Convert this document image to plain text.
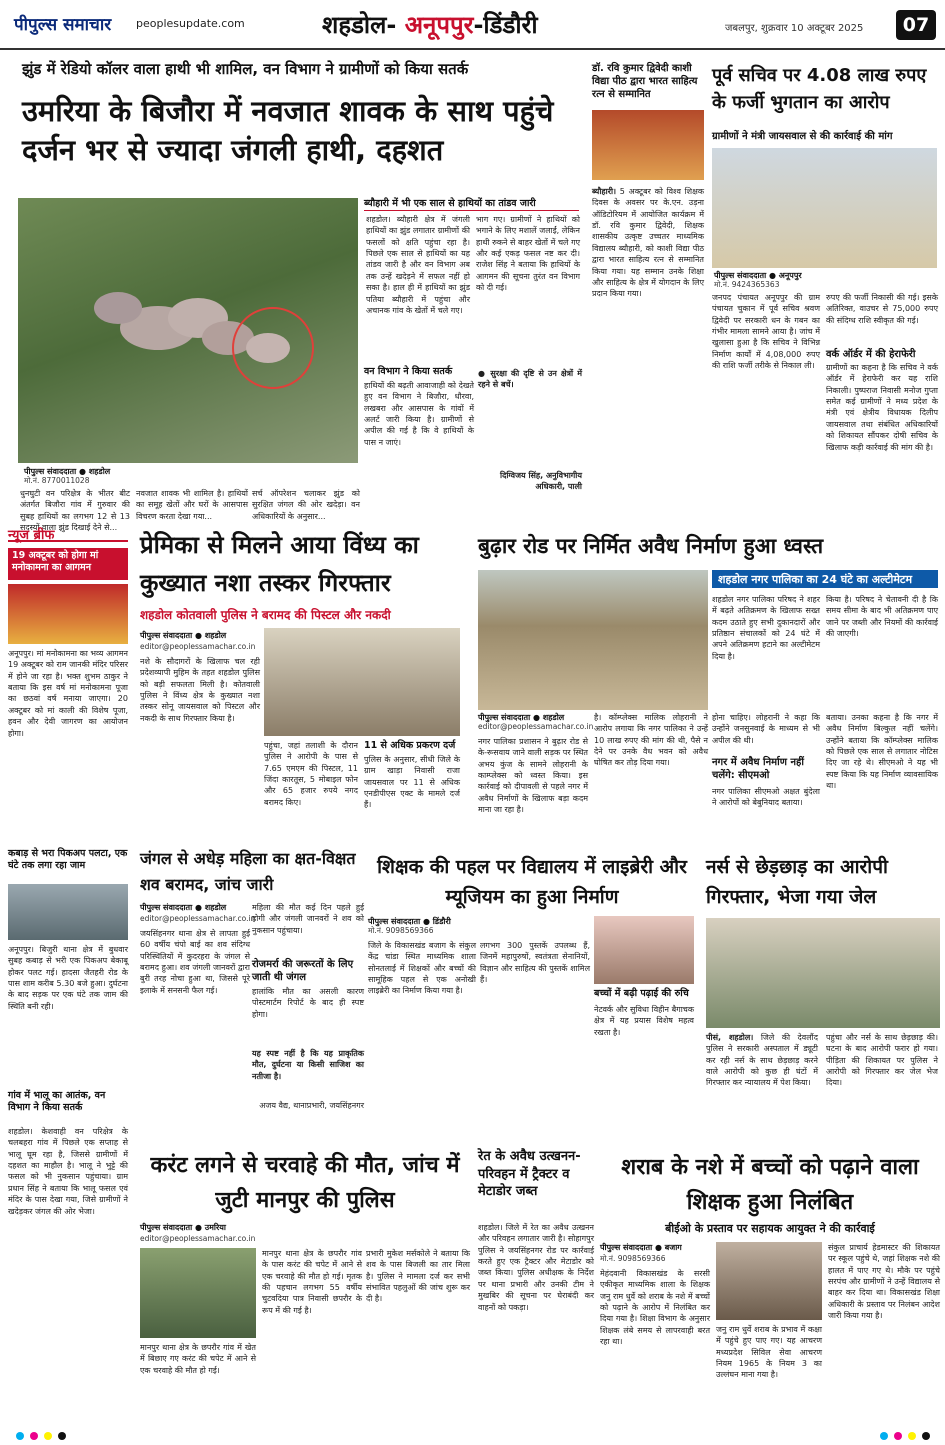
पीपुल्स समाचार peoplesupdate.com	शहडोल- अनूपपुर-डिंडौरी	जबलपुर, शुक्रवार 10 अक्टूबर 2025	07
झुंड में रेडियो कॉलर वाला हाथी भी शामिल, वन विभाग ने ग्रामीणों को किया सतर्क
उमरिया के बिजौरा में नवजात शावक के साथ पहुंचे दर्जन भर से ज्यादा जंगली हाथी, दहशत
पीपुल्स संवाददाता ● शहडोल
मो.नं. 8770011028
धुनघुटी वन परिक्षेत्र के भीतर बीट अंतर्गत बिजौरा गांव में गुरुवार की सुबह हाथियों का लगभग 12 से 13 सदस्यों वाला झुंड दिखाई देने से...
नवजात शावक भी शामिल है। हाथियों का समूह खेतों और घरों के आसपास विचरण करता देखा गया...
सर्च ऑपरेशन चलाकर झुंड को सुरक्षित जंगल की ओर खदेड़ा। वन अधिकारियों के अनुसार...
ब्यौहारी में भी एक साल से हाथियों का तांडव जारी
शहडोल। ब्यौहारी क्षेत्र में जंगली हाथियों का झुंड लगातार ग्रामीणों की फसलों को क्षति पहुंचा रहा है। पिछले एक साल से हाथियों का यह तांडव जारी है और वन विभाग अब तक उन्हें खदेड़ने में सफल नहीं हो सका है। हाल ही में हाथियों का झुंड पतिया ब्यौहारी में पहुंचा और अचानक गांव के खेतों में चले गए।
भाग गए। ग्रामीणों ने हाथियों को भगाने के लिए मशालें जलाईं, लेकिन हाथी रुकने से बाहर खेतों में चले गए और कई एकड़ फसल नष्ट कर दी। राजेश सिंह ने बताया कि हाथियों के आगमन की सूचना तुरंत वन विभाग को दी गई।
वन विभाग ने किया सतर्क
हाथियों की बढ़ती आवाजाही को देखते हुए वन विभाग ने बिजौरा, धौरवा, लखबरा और आसपास के गांवों में अलर्ट जारी किया है। ग्रामीणों से अपील की गई है कि वे हाथियों के पास न जाएं।
● सुरक्षा की दृष्टि से उन क्षेत्रों में रहने से बचें।
दिग्विजय सिंह, अनुविभागीय अधिकारी, पाली
डॉ. रवि कुमार द्विवेदी काशी विद्या पीठ द्वारा भारत साहित्य रत्न से सम्मानित
ब्यौहारी। 5 अक्टूबर को विश्व शिक्षक दिवस के अवसर पर के.एन. उड़ना ऑडिटोरियम में आयोजित कार्यक्रम में डॉ. रवि कुमार द्विवेदी, शिक्षक शासकीय उत्कृष्ट उच्चतर माध्यमिक विद्यालय ब्यौहारी, को काशी विद्या पीठ द्वारा भारत साहित्य रत्न से सम्मानित किया गया। यह सम्मान उनके शिक्षा और साहित्य के क्षेत्र में योगदान के लिए प्रदान किया गया।
पूर्व सचिव पर 4.08 लाख रुपए के फर्जी भुगतान का आरोप
ग्रामीणों ने मंत्री जायसवाल से की कार्रवाई की मांग
पीपुल्स संवाददाता ● अनूपपुर
मो.नं. 9424365363
जनपद पंचायत अनूपपुर की ग्राम पंचायत चुकान में पूर्व सचिव श्रवण द्विवेदी पर सरकारी धन के गबन का गंभीर मामला सामने आया है। जांच में खुलासा हुआ है कि सचिव ने विभिन्न निर्माण कार्यों में 4,08,000 रुपए की राशि फर्जी तरीके से निकाल ली।
रुपए की फर्जी निकासी की गई। इसके अतिरिक्त, वाउचर से 75,000 रुपए की संदिग्ध राशि स्वीकृत की गई।
वर्क ऑर्डर में की हेराफेरी
ग्रामीणों का कहना है कि सचिव ने वर्क ऑर्डर में हेराफेरी कर यह राशि निकाली। पुष्पराज निवासी मनोज गुप्ता समेत कई ग्रामीणों ने मध्य प्रदेश के मंत्री एवं क्षेत्रीय विधायक दिलीप जायसवाल तथा संबंधित अधिकारियों को शिकायत सौंपकर दोषी सचिव के खिलाफ कड़ी कार्रवाई की मांग की है।
न्यूज ब्रीफ
19 अक्टूबर को होगा मां मनोकामना का आगमन
अनूपपुर। मां मनोकामना का भव्य आगमन 19 अक्टूबर को राम जानकी मंदिर परिसर में होने जा रहा है। भक्त शुभम ठाकुर ने बताया कि इस वर्ष मां मनोकामना पूजा का छठवां वर्ष मनाया जाएगा। 20 अक्टूबर को मां काली की विशेष पूजा, हवन और देवी जागरण का आयोजन होगा।
कबाड़ से भरा पिकअप पलटा, एक घंटे तक लगा रहा जाम
अनूपपुर। बिजुरी थाना क्षेत्र में बुधवार सुबह कबाड़ से भरी एक पिकअप बेकाबू होकर पलट गई। हादसा जैतहरी रोड के पास शाम करीब 5.30 बजे हुआ। दुर्घटना के बाद सड़क पर एक घंटे तक जाम की स्थिति बनी रही।
गांव में भालू का आतंक, वन विभाग ने किया सतर्क
शहडोल। केशवाही वन परिक्षेत्र के चलबहरा गांव में पिछले एक सप्ताह से भालू घूम रहा है, जिससे ग्रामीणों में दहशत का माहौल है। भालू ने भुट्टे की फसल को भी नुकसान पहुंचाया। ग्राम प्रधान सिंह ने बताया कि भालू फसल एवं मंदिर के पास देखा गया, जिसे ग्रामीणों ने खदेड़कर जंगल की ओर भेजा।
प्रेमिका से मिलने आया विंध्य का कुख्यात नशा तस्कर गिरफ्तार
शहडोल कोतवाली पुलिस ने बरामद की पिस्टल और नकदी
पीपुल्स संवाददाता ● शहडोल
editor@peoplessamachar.co.in
नशे के सौदागरों के खिलाफ चल रही प्रदेशव्यापी मुहिम के तहत शहडोल पुलिस को बड़ी सफलता मिली है। कोतवाली पुलिस ने विंध्य क्षेत्र के कुख्यात नशा तस्कर सोनू जायसवाल को पिस्टल और नकदी के साथ गिरफ्तार किया है।
पहुंचा, जहां तलाशी के दौरान पुलिस ने आरोपी के पास से 7.65 एमएम की पिस्टल, 11 जिंदा कारतूस, 5 मोबाइल फोन और 65 हजार रुपये नगद बरामद किए।
11 से अधिक प्रकरण दर्ज
पुलिस के अनुसार, सीधी जिले के ग्राम खाड़ा निवासी राजा जायसवाल पर 11 से अधिक एनडीपीएस एक्ट के मामले दर्ज हैं।
बुढ़ार रोड पर निर्मित अवैध निर्माण हुआ ध्वस्त
शहडोल नगर पालिका का 24 घंटे का अल्टीमेटम
शहडोल नगर पालिका परिषद ने शहर में बढ़ते अतिक्रमण के खिलाफ सख्त कदम उठाते हुए सभी दुकानदारों और प्रतिष्ठान संचालकों को 24 घंटे में अपने अतिक्रमण हटाने का अल्टीमेटम दिया है।
किया है। परिषद ने चेतावनी दी है कि समय सीमा के बाद भी अतिक्रमण पाए जाने पर जब्ती और नियमों की कार्रवाई की जाएगी।
पीपुल्स संवाददाता ● शहडोल
editor@peoplessamachar.co.in
नगर पालिका प्रशासन ने बुढ़ार रोड से के-रूसवाय जाने वाली सड़क पर स्थित अभय कुंज के सामने लोहरानी के काम्प्लेक्स को ध्वस्त किया। इस कार्रवाई को दीपावली से पहले नगर में अवैध निर्माणों के खिलाफ बड़ा कदम माना जा रहा है।
है। कॉम्प्लेक्स मालिक लोहरानी ने आरोप लगाया कि नगर पालिका ने उन्हें 10 लाख रुपए की मांग की थी, पैसे न देने पर उनके वैध भवन को अवैध घोषित कर तोड़ दिया गया।
होना चाहिए। लोहरानी ने कहा कि उन्होंने जनसुनवाई के माध्यम से भी अपील की थी।
नगर में अवैध निर्माण नहीं चलेंगे: सीएमओ
नगर पालिका सीएमओ अक्षत बुंदेला ने आरोपों को बेबुनियाद बताया।
बताया। उनका कहना है कि नगर में अवैध निर्माण बिल्कुल नहीं चलेंगे। उन्होंने बताया कि कॉम्प्लेक्स मालिक को पिछले एक साल से लगातार नोटिस दिए जा रहे थे। सीएमओ ने यह भी स्पष्ट किया कि यह निर्माण व्यावसायिक था।
जंगल से अधेड़ महिला का क्षत-विक्षत शव बरामद, जांच जारी
पीपुल्स संवाददाता ● शहडोल
editor@peoplessamachar.co.in
जयसिंहनगर थाना क्षेत्र से लापता हुई 60 वर्षीय चंपो बाई का शव संदिग्ध परिस्थितियों में कुदरहरा के जंगल से बरामद हुआ। शव जंगली जानवरों द्वारा बुरी तरह नोचा हुआ था, जिससे पूरे इलाके में सनसनी फैल गई।
महिला की मौत कई दिन पहले हुई होगी और जंगली जानवरों ने शव को नुकसान पहुंचाया।
रोजमर्रा की जरूरतों के लिए जाती थी जंगल
हालांकि मौत का असली कारण पोस्टमार्टम रिपोर्ट के बाद ही स्पष्ट होगा।
यह स्पष्ट नहीं है कि यह प्राकृतिक मौत, दुर्घटना या किसी साजिश का नतीजा है।
अजय वैद्य, थानाप्रभारी, जयसिंहनगर
शिक्षक की पहल पर विद्यालय में लाइब्रेरी और म्यूजियम का हुआ निर्माण
पीपुल्स संवाददाता ● डिंडौरी
मो.नं. 9098569366
जिले के विकासखंड बजाग के संकुल केंद्र चांडा स्थित माध्यमिक शाला सोनतलाई में शिक्षकों और बच्चों की सामूहिक पहल से एक अनोखी लाइब्रेरी का निर्माण किया गया है।
लगभग 300 पुस्तकें उपलब्ध हैं, जिनमें महापुरुषों, स्वतंत्रता सेनानियों, विज्ञान और साहित्य की पुस्तकें शामिल हैं।
बच्चों में बढ़ी पढ़ाई की रुचि
नेटवर्क और सुविधा विहीन बैगाचक क्षेत्र में यह प्रयास विशेष महत्व रखता है।
नर्स से छेड़छाड़ का आरोपी गिरफ्तार, भेजा गया जेल
पीसं, शहडोल। जिले की देवलौंद पुलिस ने सरकारी अस्पताल में ड्यूटी कर रही नर्स के साथ छेड़छाड़ करने वाले आरोपी को कुछ ही घंटों में गिरफ्तार कर न्यायालय में पेश किया।
पहुंचा और नर्स के साथ छेड़छाड़ की। घटना के बाद आरोपी फरार हो गया। पीड़िता की शिकायत पर पुलिस ने आरोपी को गिरफ्तार कर जेल भेज दिया।
करंट लगने से चरवाहे की मौत, जांच में जुटी मानपुर की पुलिस
पीपुल्स संवाददाता ● उमरिया
editor@peoplessamachar.co.in
मानपुर थाना क्षेत्र के छपरौर गांव में खेत में बिछाए गए करंट की चपेट में आने से एक चरवाहे की मौत हो गई।
मानपुर थाना क्षेत्र के छपरौर गांव के पास करंट की चपेट में आने से एक चरवाहे की मौत हो गई। मृतक की पहचान लगभग 55 वर्षीय चुटवदिया पात्र निवासी छपरौर के रूप में की गई है।
प्रभारी मुकेश मर्सकोले ने बताया कि शव के पास बिजली का तार मिला है। पुलिस ने मामला दर्ज कर सभी संभावित पहलुओं की जांच शुरू कर दी है।
रेत के अवैध उत्खनन-परिवहन में ट्रैक्टर व मेटाडोर जब्त
शहडोल। जिले में रेत का अवैध उत्खनन और परिवहन लगातार जारी है। सोहागपुर पुलिस ने जयसिंहनगर रोड पर कार्रवाई करते हुए एक ट्रैक्टर और मेटाडोर को जब्त किया। पुलिस अधीक्षक के निर्देश पर थाना प्रभारी और उनकी टीम ने मुखबिर की सूचना पर घेराबंदी कर वाहनों को पकड़ा।
शराब के नशे में बच्चों को पढ़ाने वाला शिक्षक हुआ निलंबित
बीईओ के प्रस्ताव पर सहायक आयुक्त ने की कार्रवाई
पीपुल्स संवाददाता ● बजाग
मो.नं. 9098569366
मेहंदवानी विकासखंड के सरसी एकीकृत माध्यमिक शाला के शिक्षक जनु राम धुर्वे को शराब के नशे में बच्चों को पढ़ाने के आरोप में निलंबित कर दिया गया है। शिक्षा विभाग के अनुसार शिक्षक लंबे समय से लापरवाही बरत रहा था।
जनु राम धुर्वे शराब के प्रभाव में कक्षा में पहुंचे हुए पाए गए। यह आचरण मध्यप्रदेश सिविल सेवा आचरण नियम 1965 के नियम 3 का उल्लंघन माना गया है।
संकुल प्राचार्य हेडमास्टर की शिकायत पर स्कूल पहुंचे थे, जहां शिक्षक नशे की हालत में पाए गए थे। मौके पर पहुंचे सरपंच और ग्रामीणों ने उन्हें विद्यालय से बाहर कर दिया था। विकासखंड शिक्षा अधिकारी के प्रस्ताव पर निलंबन आदेश जारी किया गया है।
